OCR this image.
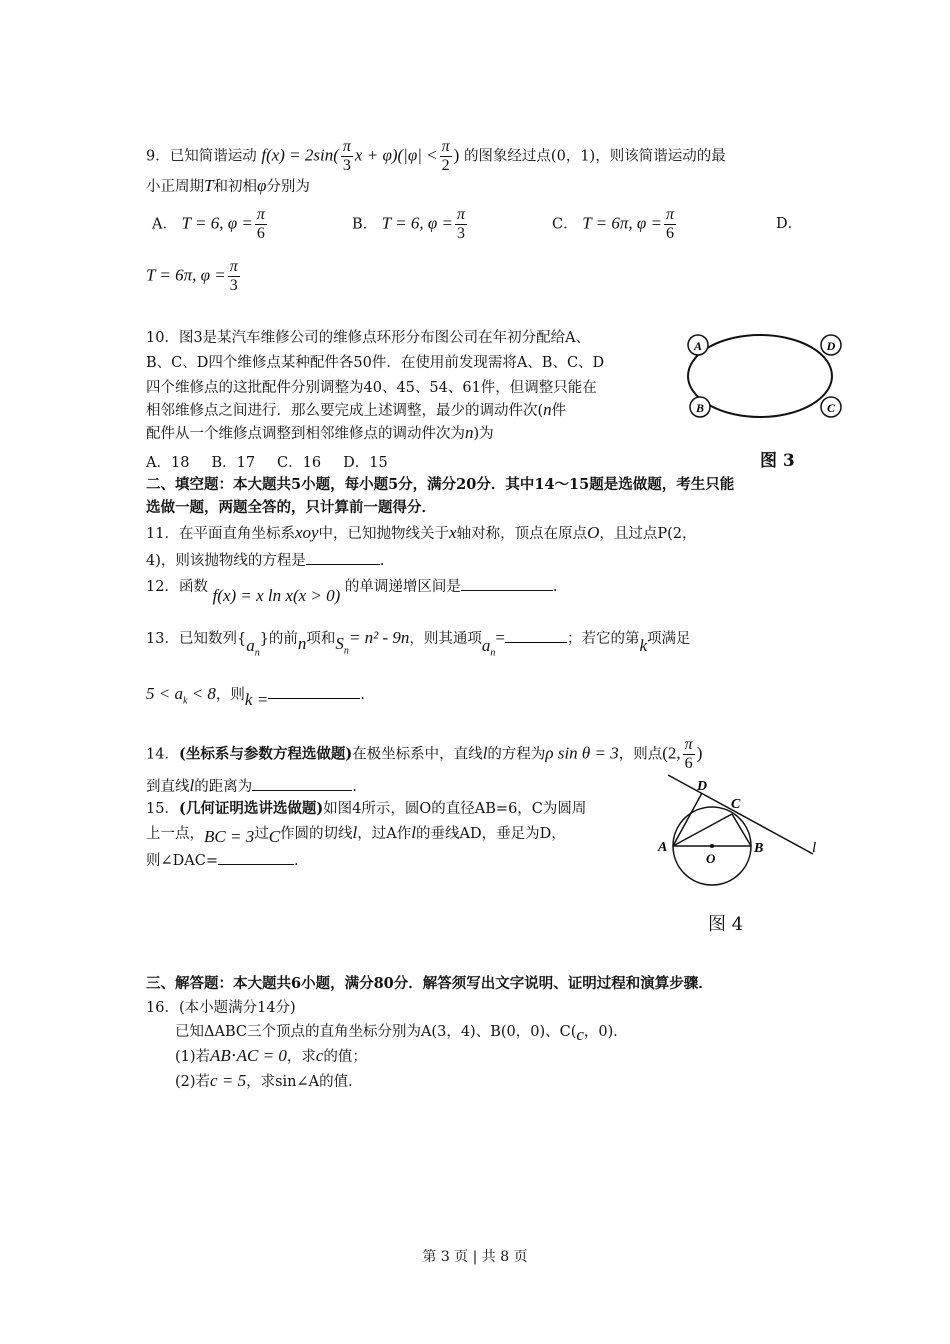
9．已知简谐运动 $f(x) = 2\sin( \frac{\pi}{3}$ $x + \varphi)(|\varphi| < \frac{\pi}{2}$ ) 的图象经过点(0，1)，则该简谐运动的最
小正周期T和初相φ分别为
A． T = 6, $\varphi = \frac{\pi}{6}$	B． T = 6, $\varphi = \frac{\pi}{3}$	C． T = 6π, $\varphi = \frac{\pi}{6}$	D．
T = 6π, $\varphi = \frac{\pi}{3}$
10．图3是某汽车维修公司的维修点环形分布图公司在年初分配给A、
B、C、D四个维修点某种配件各50件．在使用前发现需将A、B、C、D
四个维修点的这批配件分别调整为40、45、54、61件，但调整只能在
相邻维修点之间进行．那么要完成上述调整，最少的调动件次(n件
配件从一个维修点调整到相邻维修点的调动件次为n)为
A．18 B．17 C．16 D．15
A	D
B	C
图 3
二、填空题：本大题共5小题，每小题5分，满分20分．其中14～15题是选做题，考生只能
选做一题，两题全答的，只计算前一题得分．
11．在平面直角坐标系xoy中，已知抛物线关于x轴对称，顶点在原点O，且过点P(2，
4)，则该抛物线的方程是	.
12．函数 f(x) = x ln x(x > 0) 的单调递增区间是	.
13．已知数列$\{a_n\}$的前n项和$S_n= n^2 - 9n$，则其通项$a_n=$	；若它的第k项满足
$5 < a_k < 8$，则k =	.
14．(坐标系与参数方程选做题)在极坐标系中，直线l的方程为ρ sin θ = 3，则点(2, $\frac{\pi}{6}$ )
到直线l的距离为	.
15．(几何证明选讲选做题)如图4所示，圆O的直径AB=6，C为圆周
上一点，BC = 3过C作圆的切线l，过A作l的垂线AD，垂足为D，
则∠DAC=	.
D
C
A
O
B	l
图 4
三、解答题：本大题共6小题，满分80分．解答须写出文字说明、证明过程和演算步骤．
16．(本小题满分14分)
已知ΔABC三个顶点的直角坐标分别为A(3，4)、B(0，0)、C(c，0)．
(1)若AB⋅AC = 0，求c的值；
(2)若c = 5，求sin∠A的值．
第 3 页 | 共 8 页
